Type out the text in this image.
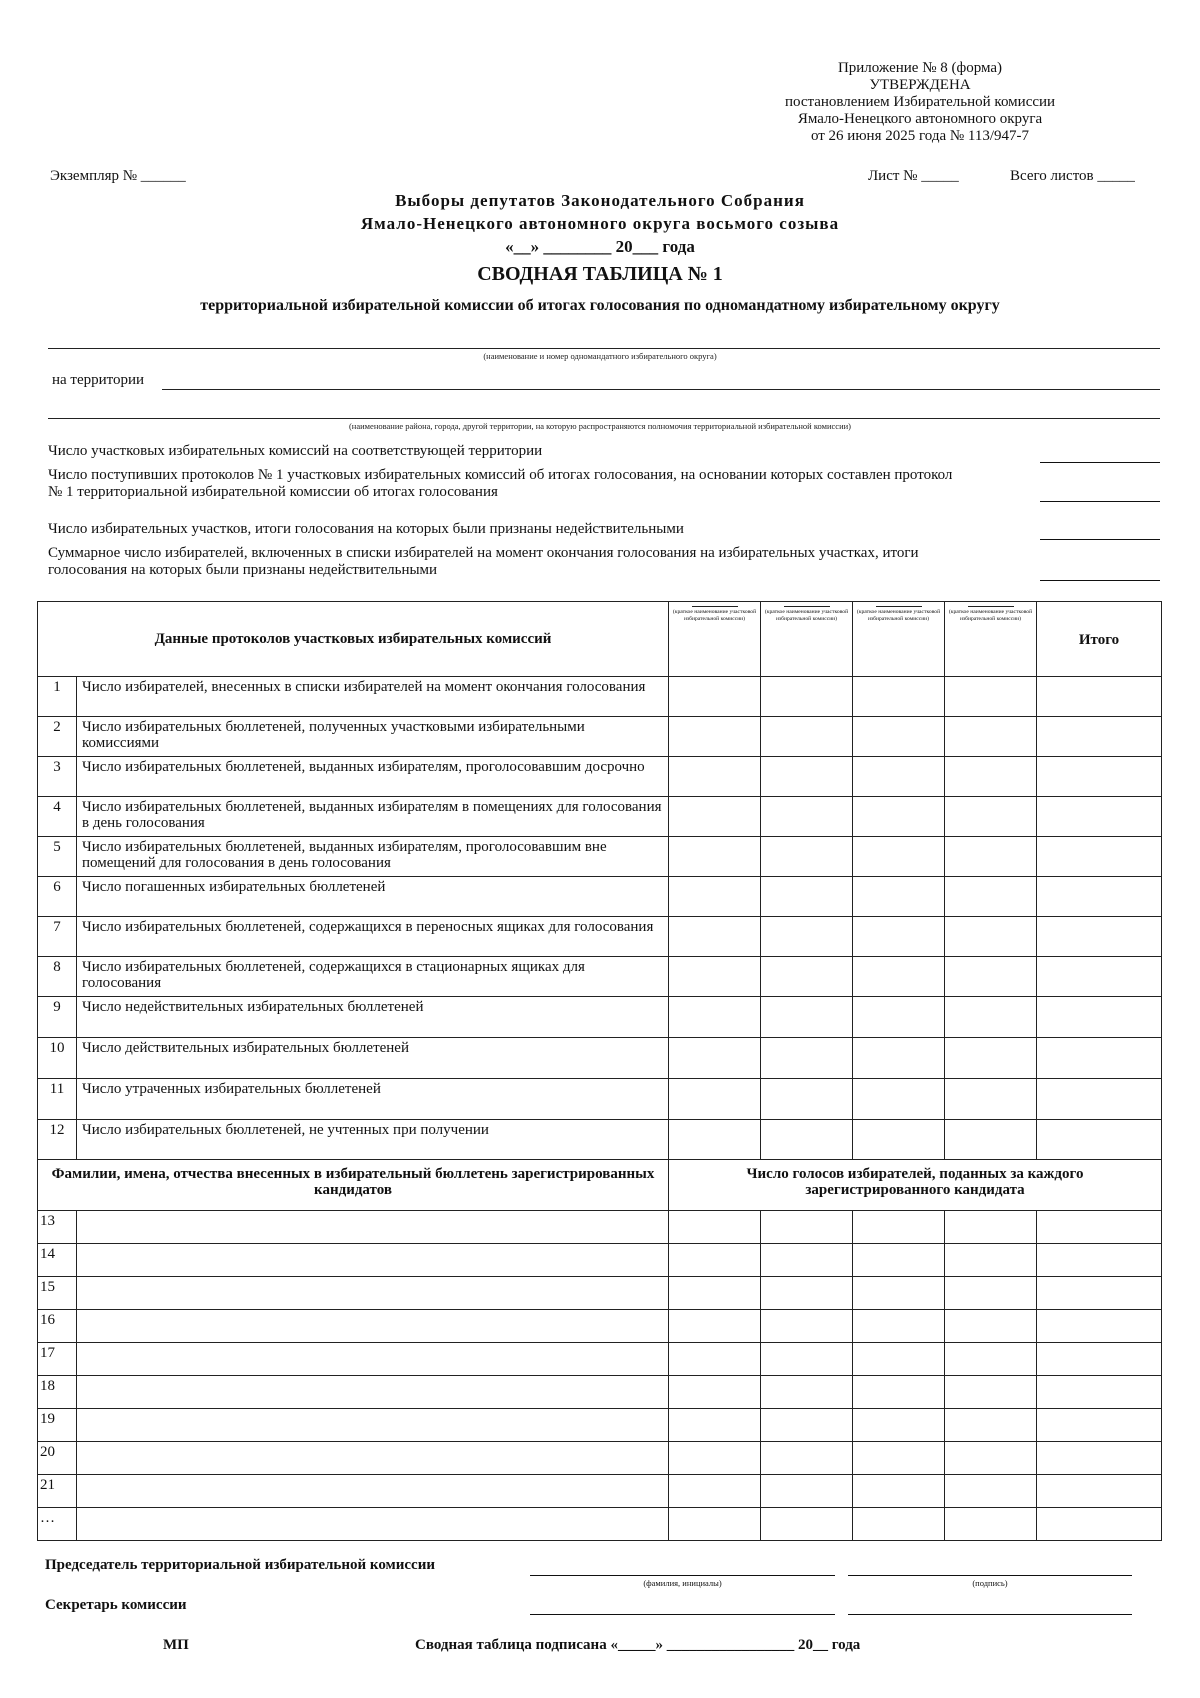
Приложение № 8 (форма)
УТВЕРЖДЕНА
постановлением Избирательной комиссии
Ямало-Ненецкого автономного округа
от 26 июня 2025 года № 113/947-7
Экземпляр № ______	Лист № _____	Всего листов _____
Выборы депутатов Законодательного Собрания
Ямало-Ненецкого автономного округа восьмого созыва
«__» ________ 20___ года
СВОДНАЯ ТАБЛИЦА № 1
территориальной избирательной комиссии об итогах голосования по одномандатному избирательному округу
(наименование и номер одномандатного избирательного округа)
на территории
(наименование района, города, другой территории, на которую распространяются полномочия территориальной избирательной комиссии)
Число участковых избирательных комиссий на соответствующей территории
Число поступивших протоколов № 1 участковых избирательных комиссий об итогах голосования, на основании которых составлен протокол № 1 территориальной избирательной комиссии об итогах голосования
Число избирательных участков, итоги голосования на которых были признаны недействительными
Суммарное число избирателей, включенных в списки избирателей на момент окончания голосования на избирательных участках, итоги голосования на которых были признаны недействительными
Данные протоколов участковых избирательных комиссий		(краткое наименование участковой избирательной комиссии)	(краткое наименование участковой избирательной комиссии)	(краткое наименование участковой избирательной комиссии)	(краткое наименование участковой избирательной комиссии)	Итого
1	Число избирателей, внесенных в списки избирателей на момент окончания голосования					
2	Число избирательных бюллетеней, полученных участковыми избирательными комиссиями					
3	Число избирательных бюллетеней, выданных избирателям, проголосовавшим досрочно					
4	Число избирательных бюллетеней, выданных избирателям в помещениях для голосования в день голосования					
5	Число избирательных бюллетеней, выданных избирателям, проголосовавшим вне помещений для голосования в день голосования					
6	Число погашенных избирательных бюллетеней					
7	Число избирательных бюллетеней, содержащихся в переносных ящиках для голосования					
8	Число избирательных бюллетеней, содержащихся в стационарных ящиках для голосования					
9	Число недействительных избирательных бюллетеней					
10	Число действительных избирательных бюллетеней					
11	Число утраченных избирательных бюллетеней					
12	Число избирательных бюллетеней, не учтенных при получении					
Фамилии, имена, отчества внесенных в избирательный бюллетень зарегистрированных кандидатов		Число голосов избирателей, поданных за каждого зарегистрированного кандидата				
13						
14						
15						
16						
17						
18						
19						
20						
21						
…						
Председатель территориальной избирательной комиссии
(фамилия, инициалы)	(подпись)
Секретарь комиссии
МП	Сводная таблица подписана «_____» _________________ 20__ года
